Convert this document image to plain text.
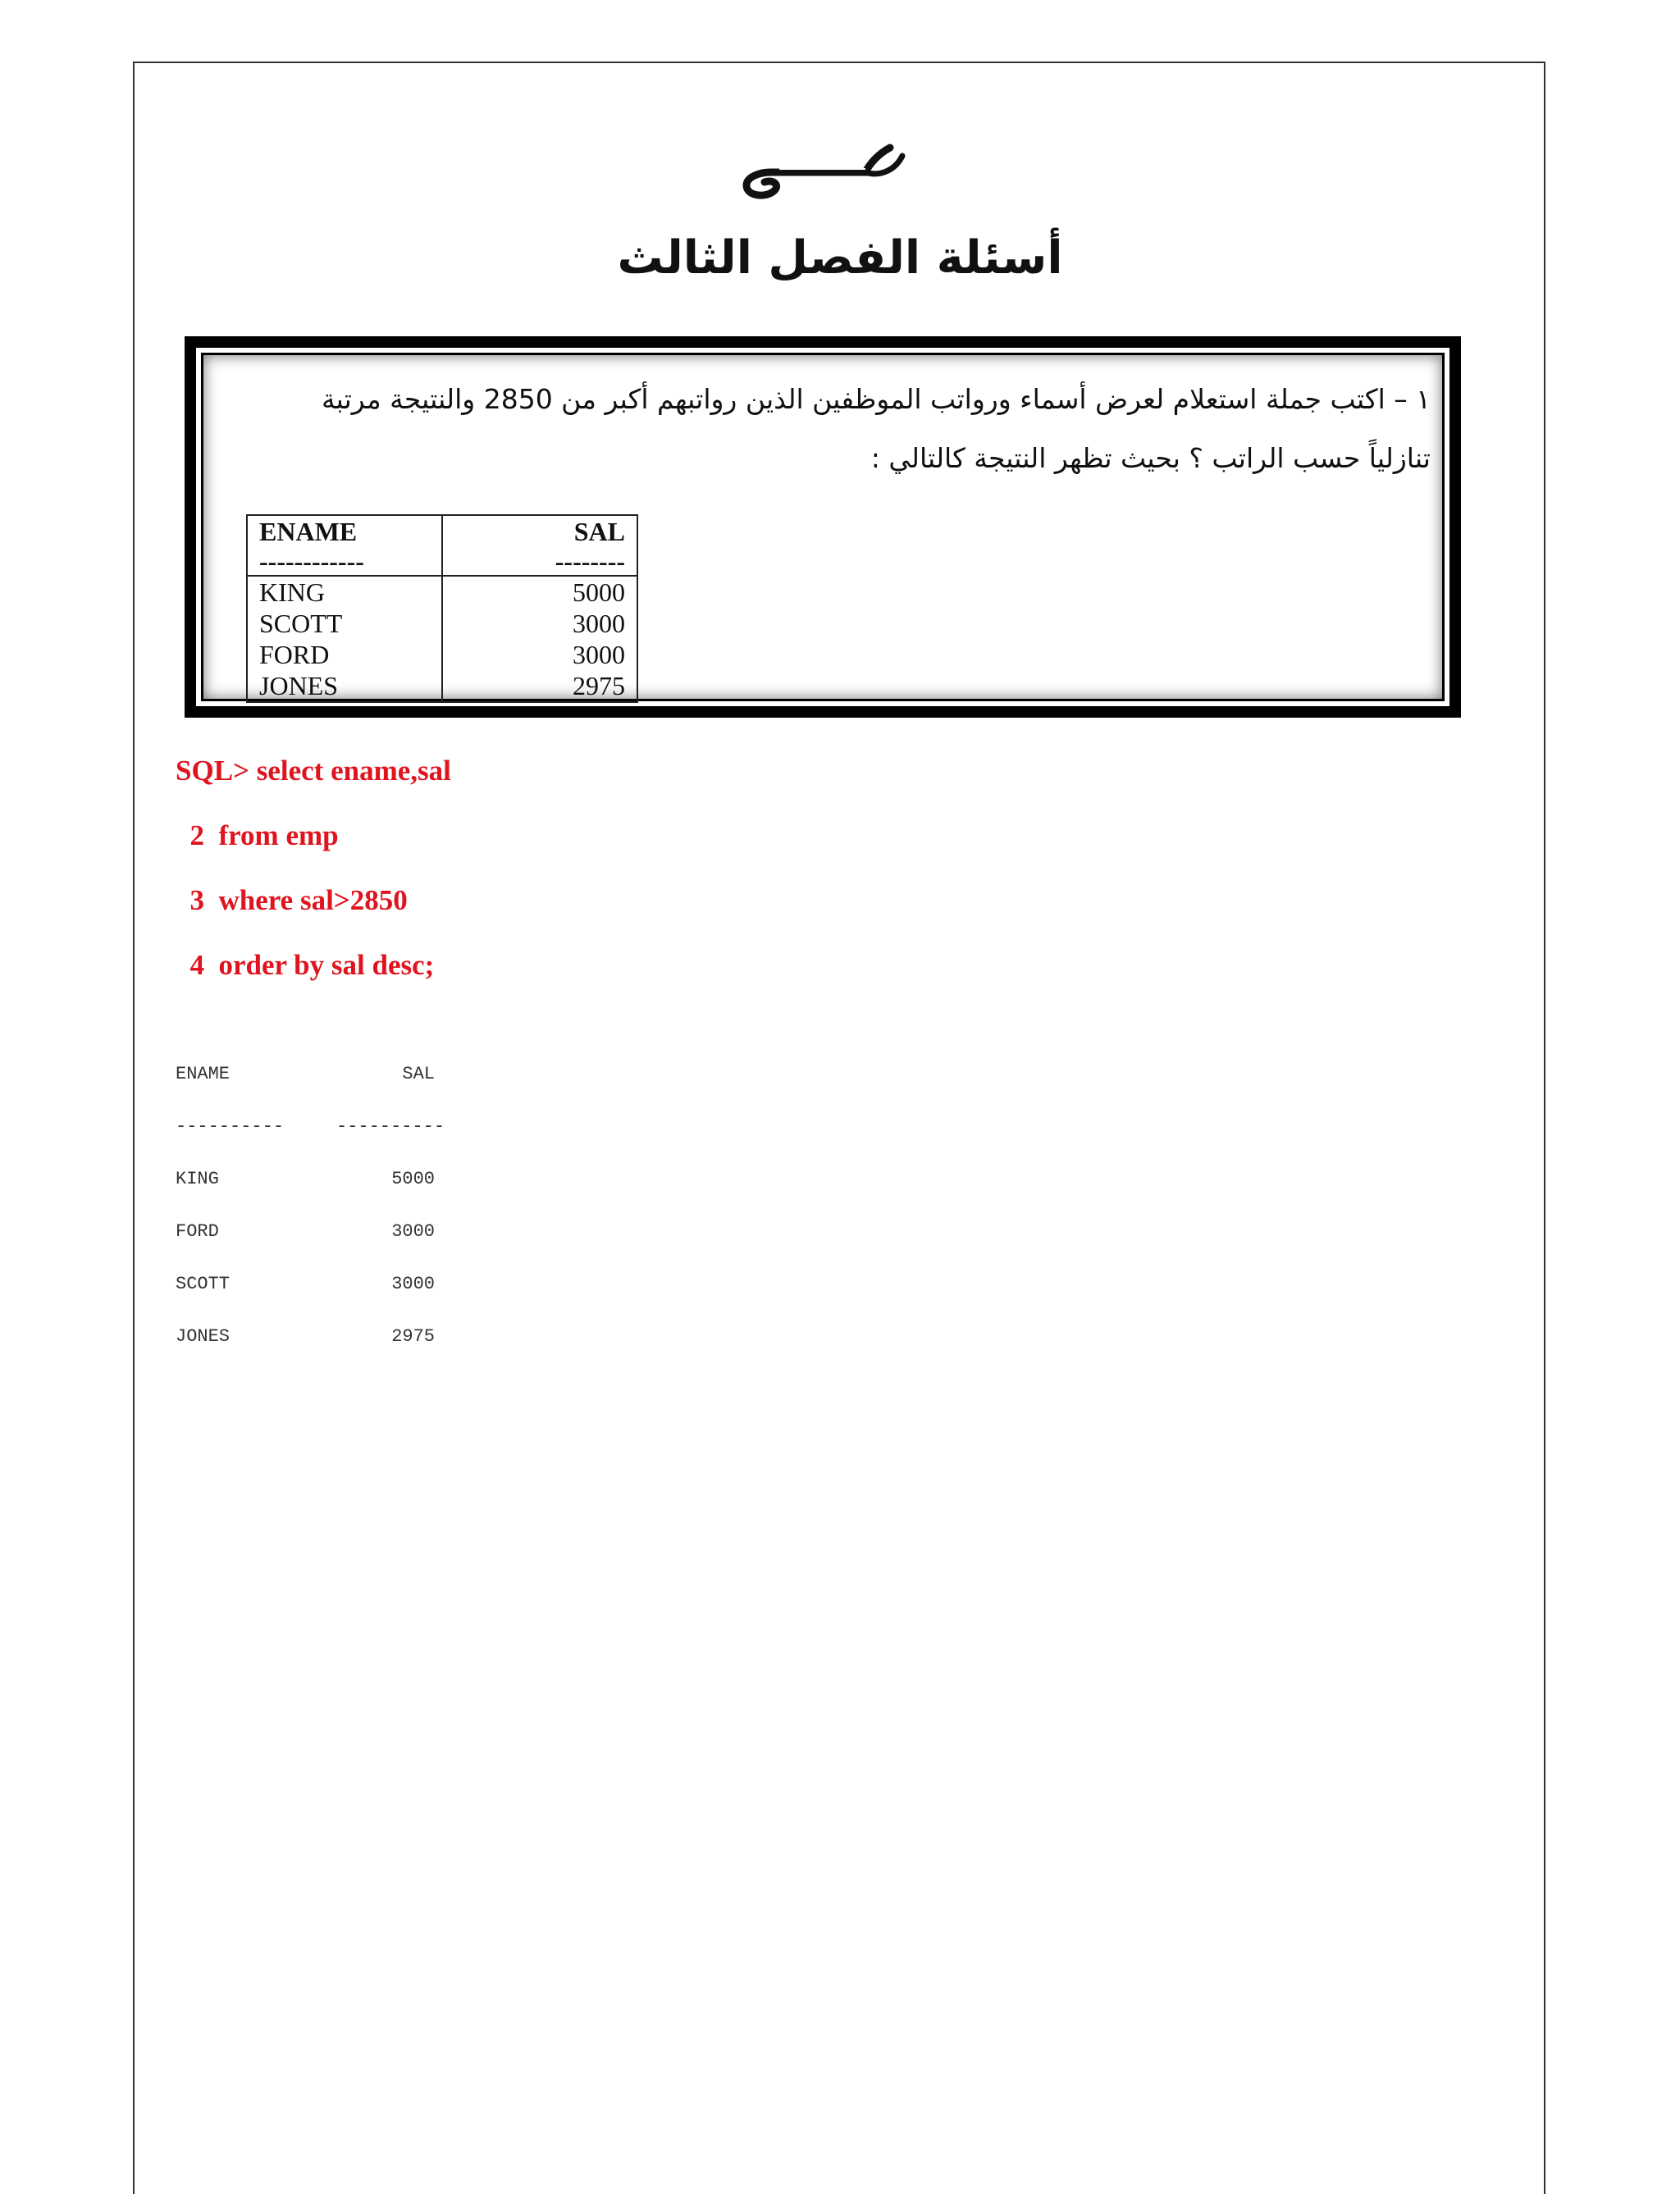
أسئلة الفصل الثالث
١ – اكتب جملة استعلام لعرض أسماء ورواتب الموظفين الذين رواتبهم أكبر من 2850 والنتيجة مرتبة
تنازلياً حسب الراتب ؟ بحيث تظهر النتيجة كالتالي :
ENAME	SAL
------------	--------
KING	5000
SCOTT	3000
FORD	3000
JONES	2975
SQL> select ename,sal
2  from emp
3  where sal>2850
4  order by sal desc;
ENAME	SAL
----------	----------
KING	5000
FORD	3000
SCOTT	3000
JONES	2975
